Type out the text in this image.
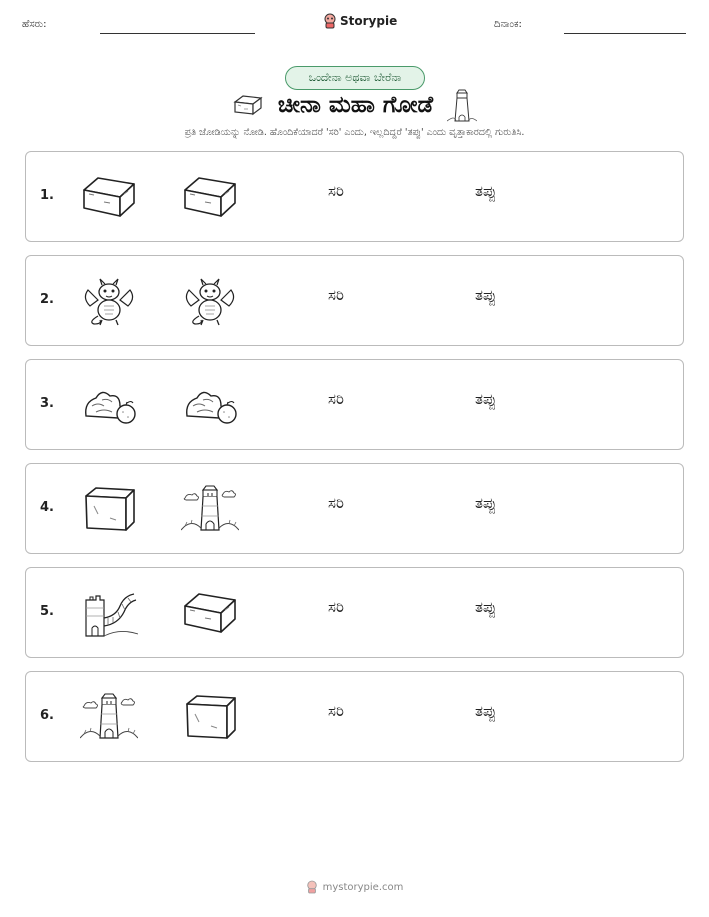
ಹೆಸರು:	Storypie	ದಿನಾಂಕ:
ಒಂದೇನಾ ಅಥವಾ ಬೇರೆನಾ
ಚೀನಾ ಮಹಾ ಗೋಡೆ
ಪ್ರತಿ ಜೋಡಿಯನ್ನು ನೋಡಿ. ಹೊಂದಿಕೆಯಾದರೆ 'ಸರಿ' ಎಂದು, ಇಲ್ಲದಿದ್ದರೆ 'ತಪ್ಪು' ಎಂದು ವೃತ್ತಾಕಾರದಲ್ಲಿ ಗುರುತಿಸಿ.
1.	ಸರಿ	ತಪ್ಪು
2.	ಸರಿ	ತಪ್ಪು
3.	ಸರಿ	ತಪ್ಪು
4.	ಸರಿ	ತಪ್ಪು
5.	ಸರಿ	ತಪ್ಪು
6.	ಸರಿ	ತಪ್ಪು
mystorypie.com
